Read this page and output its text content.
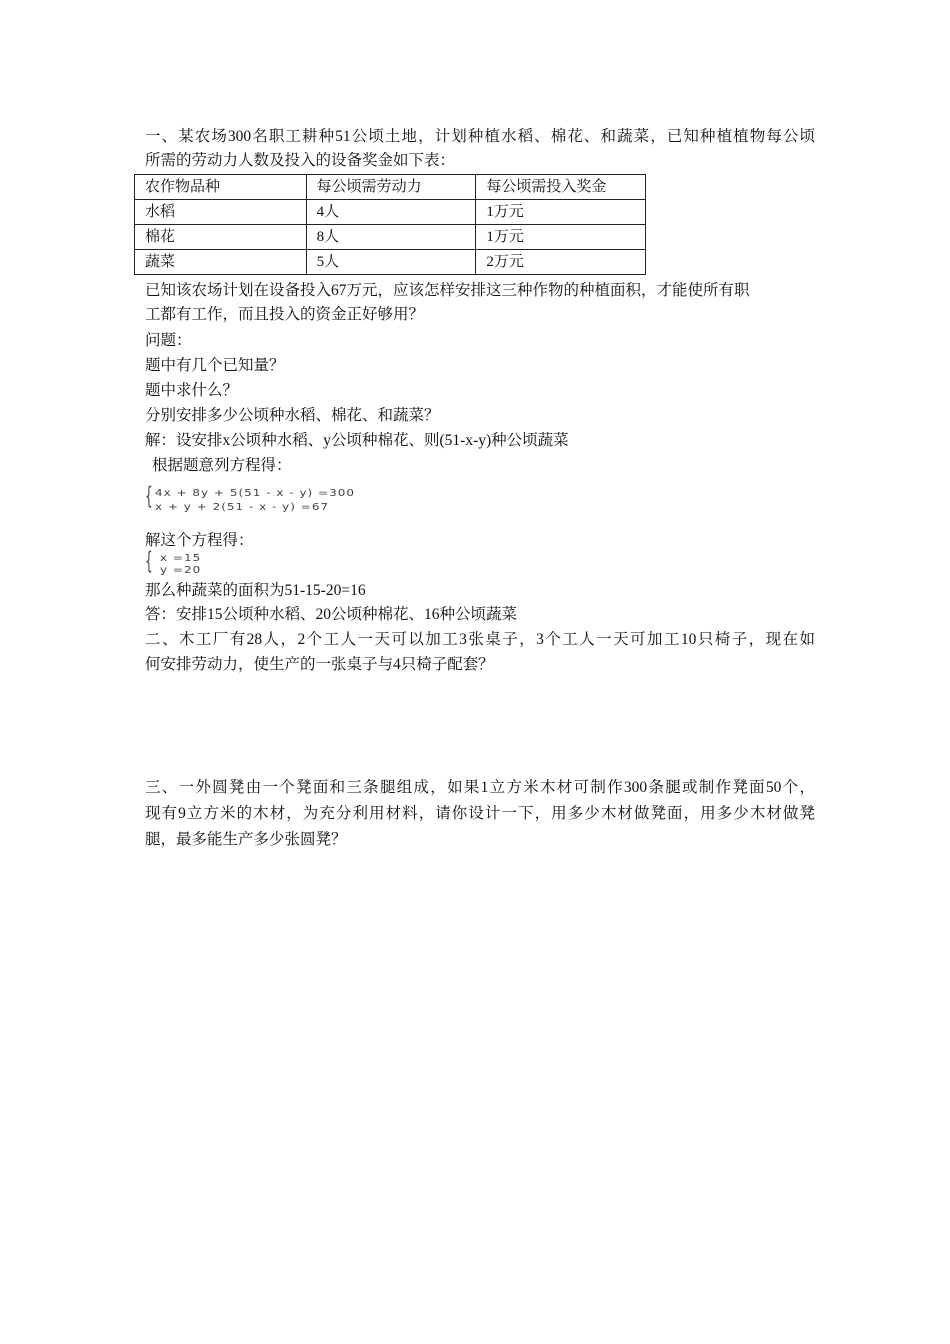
一、某农场300名职工耕种51公顷土地，计划种植水稻、棉花、和蔬菜，已知种植植物每公顷
所需的劳动力人数及投入的设备奖金如下表：
农作物品种	每公顷需劳动力	每公顷需投入奖金
水稻	4人	1万元
棉花	8人	1万元
蔬菜	5人	2万元
已知该农场计划在设备投入67万元，应该怎样安排这三种作物的种植面积，才能使所有职
工都有工作，而且投入的资金正好够用？
问题：
题中有几个已知量？
题中求什么？
分别安排多少公顷种水稻、棉花、和蔬菜？
解：设安排x公顷种水稻、y公顷种棉花、则(51-x-y)种公顷蔬菜
根据题意列方程得：
{ 4x + 8y + 5(51 - x - y) =300
x + y + 2(51 - x - y) =67
解这个方程得：
{ x =15
y =20
那么种蔬菜的面积为51-15-20=16
答：安排15公顷种水稻、20公顷种棉花、16种公顷蔬菜
二、木工厂有28人，2个工人一天可以加工3张桌子，3个工人一天可加工10只椅子，现在如
何安排劳动力，使生产的一张桌子与4只椅子配套？
三、一外圆凳由一个凳面和三条腿组成，如果1立方米木材可制作300条腿或制作凳面50个，
现有9立方米的木材，为充分利用材料，请你设计一下，用多少木材做凳面，用多少木材做凳
腿，最多能生产多少张圆凳？
